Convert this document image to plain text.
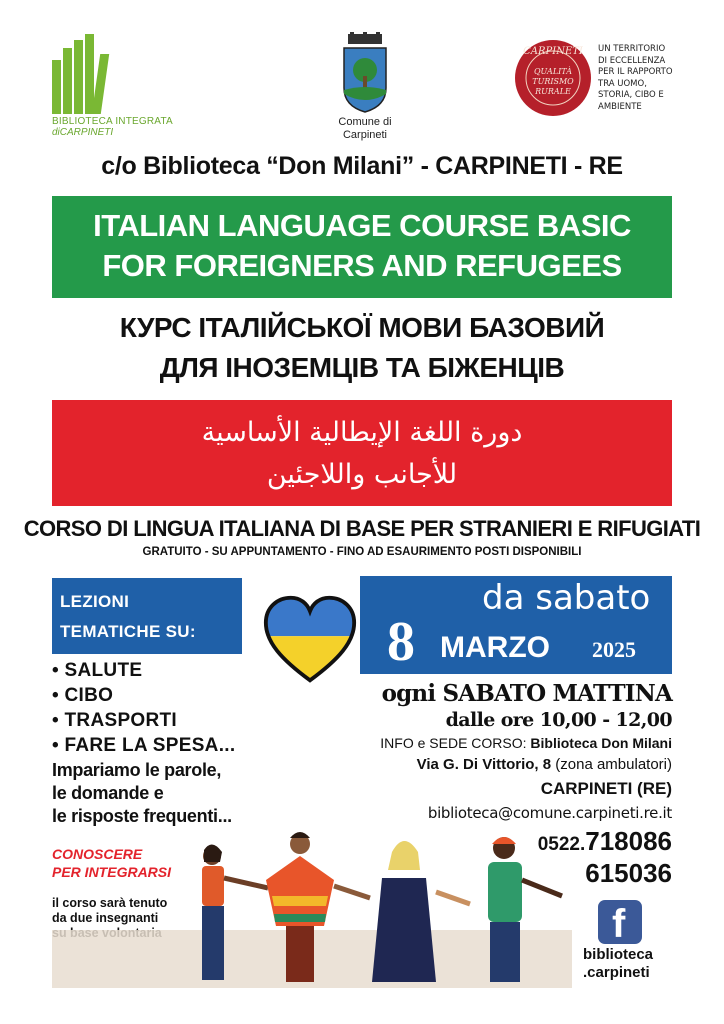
BIBLIOTECA INTEGRATA
diCARPINETI
Comune di
Carpineti
CARPINETI
QUALITÀ
TURISMO
RURALE
UN TERRITORIO
DI ECCELLENZA
PER IL RAPPORTO
TRA UOMO,
STORIA, CIBO E
AMBIENTE
c/o Biblioteca “Don Milani” - CARPINETI - RE
ITALIAN LANGUAGE COURSE BASIC
FOR FOREIGNERS AND REFUGEES
КУРС ІТАЛІЙСЬКОЇ МОВИ БАЗОВИЙ
ДЛЯ ІНОЗЕМЦІВ ТА БІЖЕНЦІВ
دورة اللغة الإيطالية الأساسية
للأجانب واللاجئين
CORSO DI LINGUA ITALIANA DI BASE PER STRANIERI E RIFUGIATI
GRATUITO - SU APPUNTAMENTO - FINO AD ESAURIMENTO POSTI DISPONIBILI
LEZIONI
TEMATICHE SU:
da sabato
8 MARZO 2025
• SALUTE
• CIBO
• TRASPORTI
• FARE LA SPESA...
Impariamo le parole,
le domande e
le risposte frequenti...
CONOSCERE
PER INTEGRARSI
il corso sarà tenuto
da due insegnanti
ogni SABATO MATTINA
dalle ore 10,00 - 12,00
INFO e SEDE CORSO: Biblioteca Don Milani
Via G. Di Vittorio, 8 (zona ambulatori)
CARPINETI (RE)
biblioteca@comune.carpineti.re.it
0522.718086
615036
f
biblioteca
.carpineti
